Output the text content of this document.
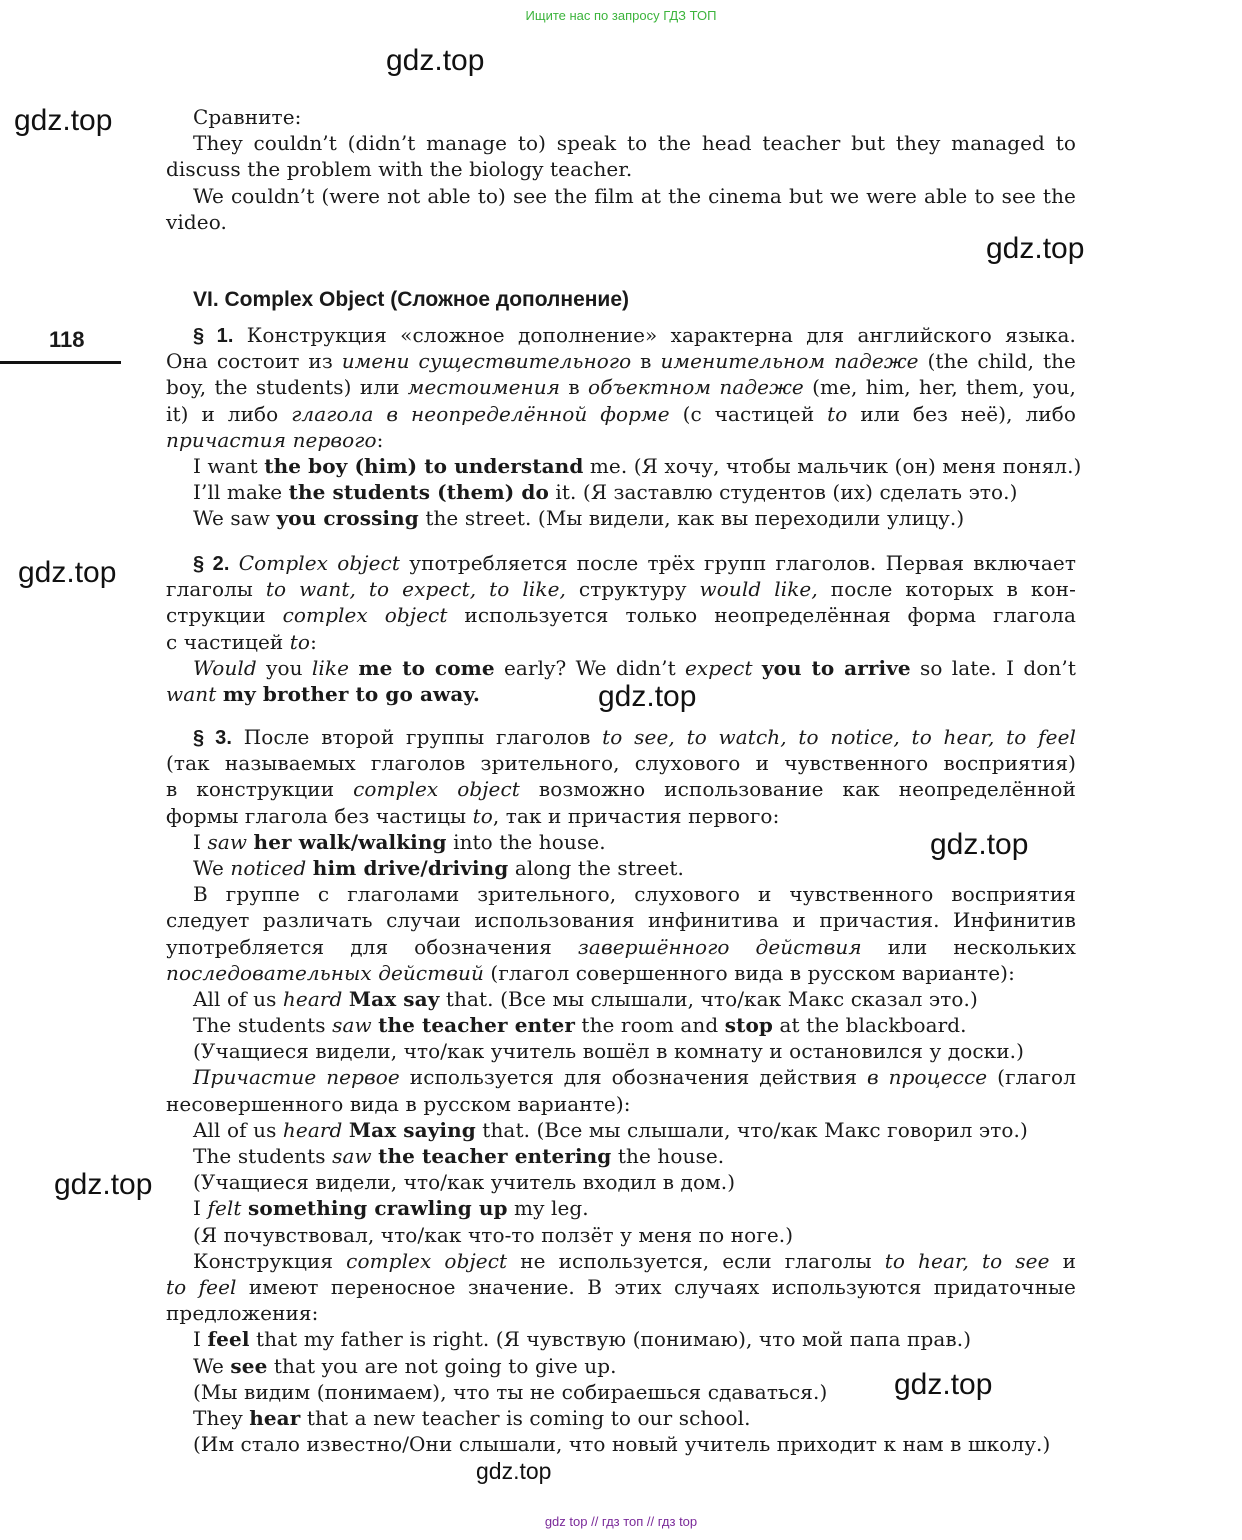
Ищите нас по запросу ГДЗ ТОП
gdz.top
gdz.top
gdz.top
gdz.top
gdz.top
gdz.top
gdz.top
gdz.top
gdz.top
118
Сравните:
They couldn’t (didn’t manage to) speak to the head teacher but they managed to
discuss the problem with the biology teacher.
We couldn’t (were not able to) see the film at the cinema but we were able to see the
video.
VI. Complex Object (Сложное дополнение)
§ 1. Конструкция «сложное дополнение» характерна для английского языка.
Она состоит из имени существительного в именительном падеже (the child, the
boy, the students) или местоимения в объектном падеже (me, him, her, them, you,
it) и либо глагола в неопределённой форме (с частицей to или без неё), либо
причастия первого:
I want the boy (him) to understand me. (Я хочу, чтобы мальчик (он) меня понял.)
I’ll make the students (them) do it. (Я заставлю студентов (их) сделать это.)
We saw you crossing the street. (Мы видели, как вы переходили улицу.)
§ 2. Complex object употребляется после трёх групп глаголов. Первая включает
глаголы to want, to expect, to like, структуру would like, после которых в кон-
струкции complex object используется только неопределённая форма глагола
с частицей to:
Would you like me to come early? We didn’t expect you to arrive so late. I don’t
want my brother to go away.
§ 3. После второй группы глаголов to see, to watch, to notice, to hear, to feel
(так называемых глаголов зрительного, слухового и чувственного восприятия)
в конструкции complex object возможно использование как неопределённой
формы глагола без частицы to, так и причастия первого:
I saw her walk/walking into the house.
We noticed him drive/driving along the street.
В группе с глаголами зрительного, слухового и чувственного восприятия
следует различать случаи использования инфинитива и причастия. Инфинитив
употребляется для обозначения завершённого действия или нескольких
последовательных действий (глагол совершенного вида в русском варианте):
All of us heard Max say that. (Все мы слышали, что/как Макс сказал это.)
The students saw the teacher enter the room and stop at the blackboard.
(Учащиеся видели, что/как учитель вошёл в комнату и остановился у доски.)
Причастие первое используется для обозначения действия в процессе (глагол
несовершенного вида в русском варианте):
All of us heard Max saying that. (Все мы слышали, что/как Макс говорил это.)
The students saw the teacher entering the house.
(Учащиеся видели, что/как учитель входил в дом.)
I felt something crawling up my leg.
(Я почувствовал, что/как что-то ползёт у меня по ноге.)
Конструкция complex object не используется, если глаголы to hear, to see и
to feel имеют переносное значение. В этих случаях используются придаточные
предложения:
I feel that my father is right. (Я чувствую (понимаю), что мой папа прав.)
We see that you are not going to give up.
(Мы видим (понимаем), что ты не собираешься сдаваться.)
They hear that a new teacher is coming to our school.
(Им стало известно/Они слышали, что новый учитель приходит к нам в школу.)
gdz top // гдз топ // гдз top
